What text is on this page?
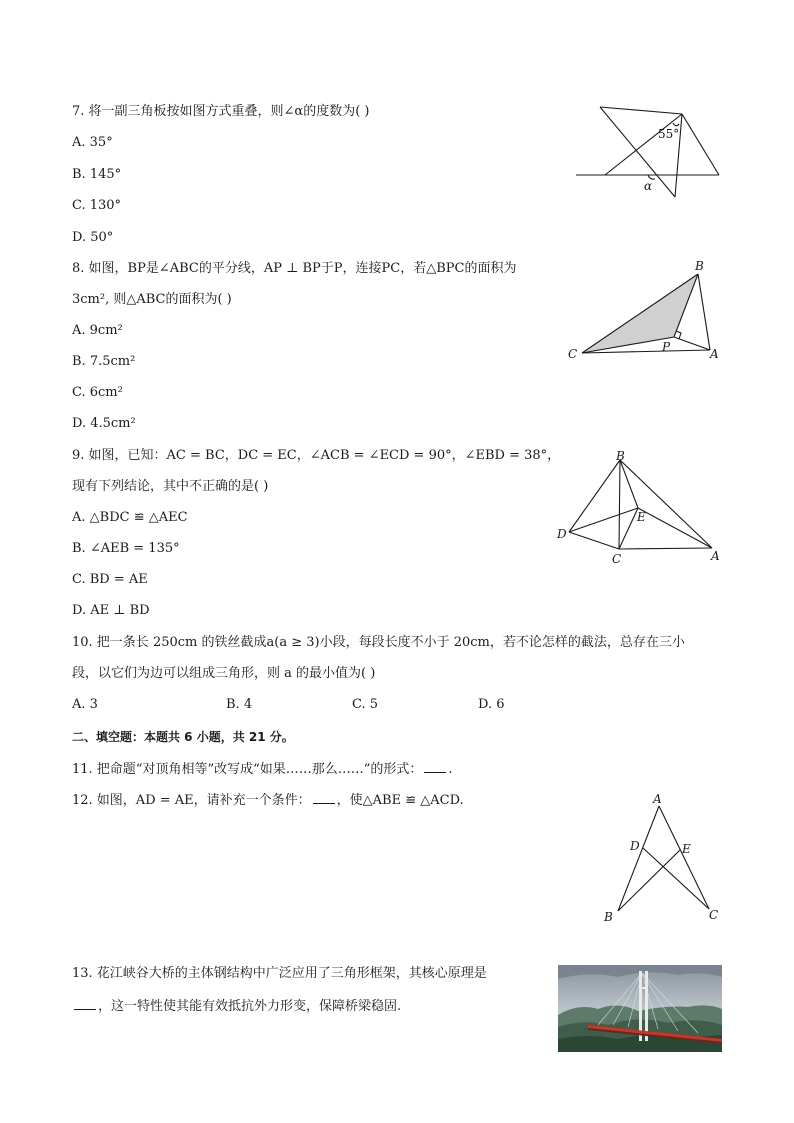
7. 将一副三角板按如图方式重叠，则∠α的度数为( )
A. 35°
B. 145°
C. 130°
D. 50°
55°
α
8. 如图，BP是∠ABC的平分线，AP ⊥ BP于P，连接PC，若△BPC的面积为
3cm², 则△ABC的面积为( )
A. 9cm²
B. 7.5cm²
C. 6cm²
D. 4.5cm²
B
C	P	A
9. 如图，已知：AC = BC，DC = EC，∠ACB = ∠ECD = 90°，∠EBD = 38°，
现有下列结论，其中不正确的是( )
A. △BDC ≌ △AEC
B. ∠AEB = 135°
C. BD = AE
D. AE ⊥ BD
B
D
E
C	A
10. 把一条长 250cm 的铁丝截成a(a ≥ 3)小段，每段长度不小于 20cm，若不论怎样的截法，总存在三小
段，以它们为边可以组成三角形，则 a 的最小值为( )
A. 3	B. 4	C. 5	D. 6
二、填空题：本题共 6 小题，共 21 分。
11. 把命题“对顶角相等”改写成“如果……那么……”的形式： .
12. 如图，AD = AE，请补充一个条件： ，使△ABE ≌ △ACD.	A
D	E
B	C
13. 花江峡谷大桥的主体钢结构中广泛应用了三角形框架，其核心原理是
，这一特性使其能有效抵抗外力形变，保障桥梁稳固.
